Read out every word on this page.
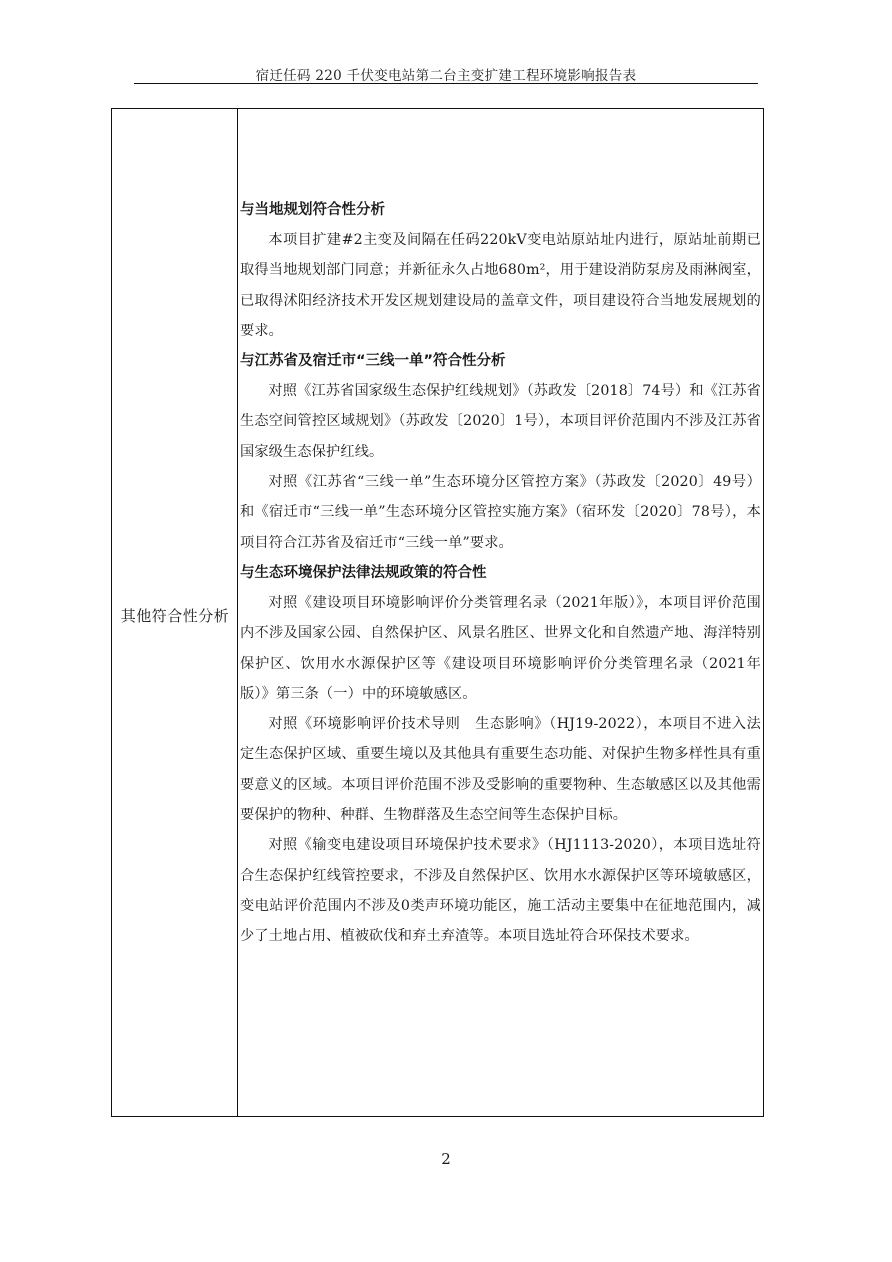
宿迁任码 220 千伏变电站第二台主变扩建工程环境影响报告表
其他符合性分析
与当地规划符合性分析

本项目扩建#2主变及间隔在任码220kV变电站原站址内进行，原站址前期已取得当地规划部门同意；并新征永久占地680m²，用于建设消防泵房及雨淋阀室，已取得沭阳经济技术开发区规划建设局的盖章文件，项目建设符合当地发展规划的要求。

与江苏省及宿迁市“三线一单”符合性分析

对照《江苏省国家级生态保护红线规划》（苏政发〔2018〕74号）和《江苏省生态空间管控区域规划》（苏政发〔2020〕1号），本项目评价范围内不涉及江苏省国家级生态保护红线。

对照《江苏省“三线一单”生态环境分区管控方案》（苏政发〔2020〕49号）和《宿迁市“三线一单”生态环境分区管控实施方案》（宿环发〔2020〕78号），本项目符合江苏省及宿迁市“三线一单”要求。

与生态环境保护法律法规政策的符合性

对照《建设项目环境影响评价分类管理名录（2021年版）》，本项目评价范围内不涉及国家公园、自然保护区、风景名胜区、世界文化和自然遗产地、海洋特别保护区、饮用水水源保护区等《建设项目环境影响评价分类管理名录（2021年版）》第三条（一）中的环境敏感区。

对照《环境影响评价技术导则　生态影响》（HJ19-2022），本项目不进入法定生态保护区域、重要生境以及其他具有重要生态功能、对保护生物多样性具有重要意义的区域。本项目评价范围不涉及受影响的重要物种、生态敏感区以及其他需要保护的物种、种群、生物群落及生态空间等生态保护目标。

对照《输变电建设项目环境保护技术要求》（HJ1113-2020），本项目选址符合生态保护红线管控要求，不涉及自然保护区、饮用水水源保护区等环境敏感区，变电站评价范围内不涉及0类声环境功能区，施工活动主要集中在征地范围内，减少了土地占用、植被砍伐和弃土弃渣等。本项目选址符合环保技术要求。

2
